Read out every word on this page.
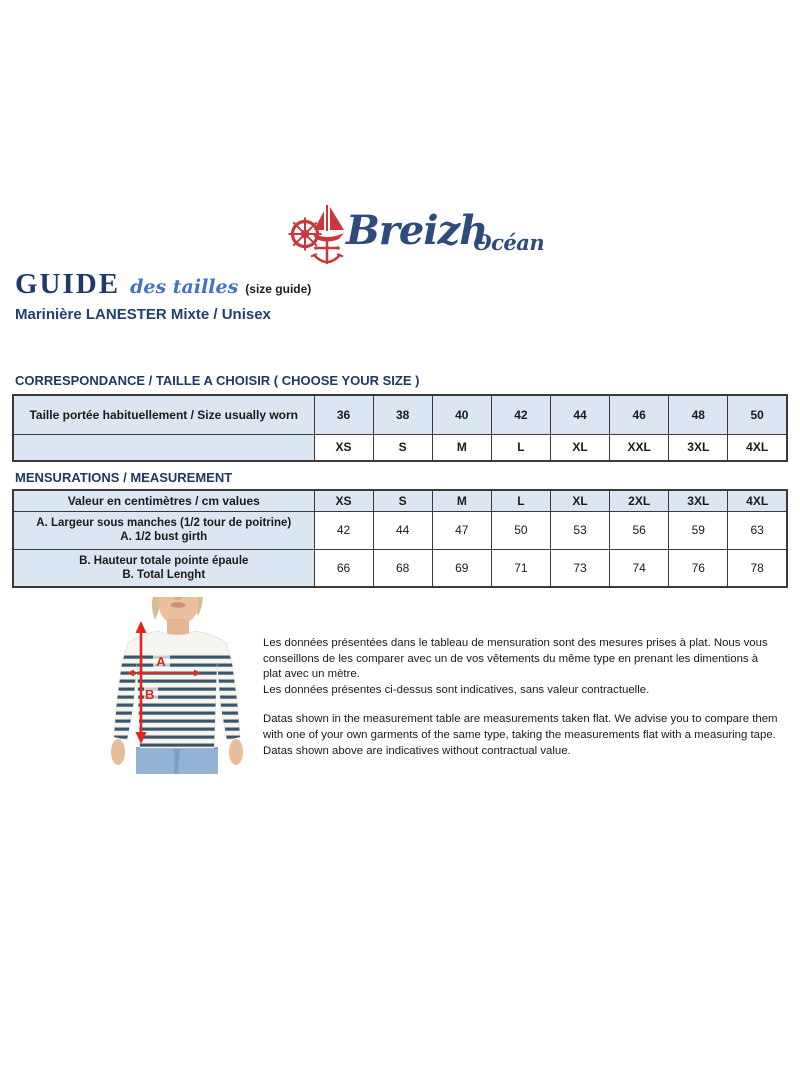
Breizh
Océan
GUIDE des tailles (size guide)
Marinière LANESTER Mixte / Unisex
CORRESPONDANCE / TAILLE A CHOISIR ( CHOOSE YOUR SIZE )
Taille portée habituellement / Size usually worn	36	38	40	42	44	46	48	50
	XS	S	M	L	XL	XXL	3XL	4XL
MENSURATIONS / MEASUREMENT
Valeur en centimètres / cm values	XS	S	M	L	XL	2XL	3XL	4XL

A. Largeur sous manches (1/2 tour de poitrine)
A. 1/2 bust girth	42	44	47	50	53	56	59	63

B. Hauteur totale pointe épaule
B. Total Lenght	66	68	69	71	73	74	76	78
A
B
Les données présentées dans le tableau de mensuration sont des mesures prises à plat. Nous vous conseillons de les comparer avec un de vos vêtements du même type en prenant les dimentions à plat avec un mètre.
Les données présentes ci-dessus sont indicatives, sans valeur contractuelle.
Datas shown in the measurement table are measurements taken flat. We advise you to compare them with one of your own garments of the same type, taking the measurements flat with a measuring tape.
Datas shown above are indicatives without contractual value.
